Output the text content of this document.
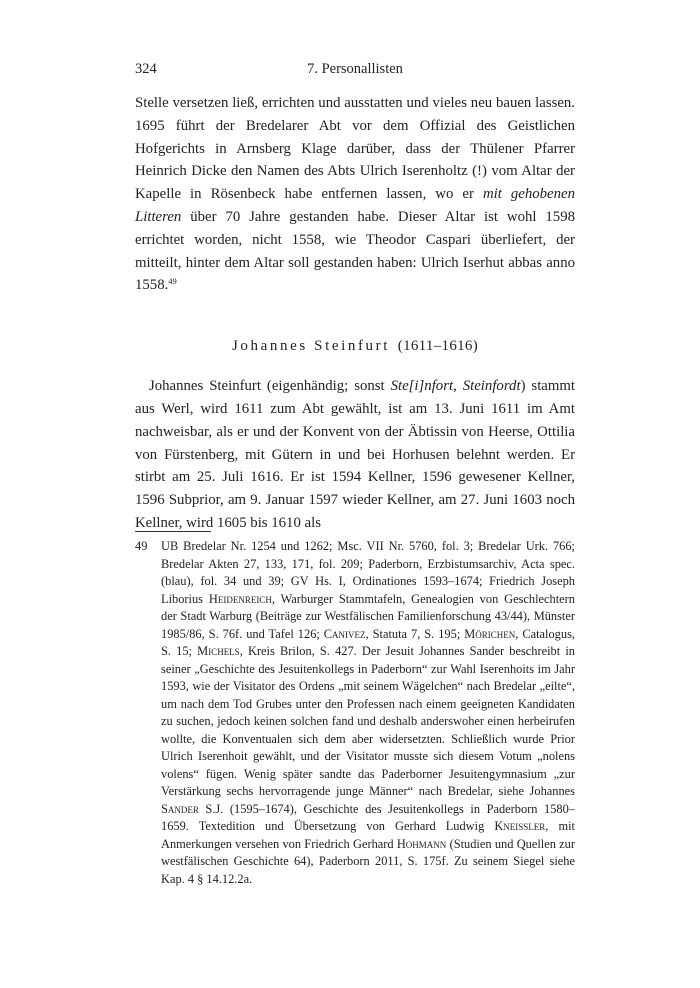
324	7. Personallisten

Stelle versetzen ließ, errichten und ausstatten und vieles neu bauen lassen. 1695 führt der Bredelarer Abt vor dem Offizial des Geistlichen Hofgerichts in Arnsberg Klage darüber, dass der Thülener Pfarrer Heinrich Dicke den Namen des Abts Ulrich Iserenholtz (!) vom Altar der Kapelle in Rösenbeck habe entfernen lassen, wo er mit gehobenen Litteren über 70 Jahre gestanden habe. Dieser Altar ist wohl 1598 errichtet worden, nicht 1558, wie Theodor Caspari überliefert, der mitteilt, hinter dem Altar soll gestanden haben: Ulrich Iserhut abbas anno 1558.49

Johannes Steinfurt (1611–1616)

Johannes Steinfurt (eigenhändig; sonst Ste[i]nfort, Steinfordt) stammt aus Werl, wird 1611 zum Abt gewählt, ist am 13. Juni 1611 im Amt nachweisbar, als er und der Konvent von der Äbtissin von Heerse, Ottilia von Fürstenberg, mit Gütern in und bei Horhusen belehnt werden. Er stirbt am 25. Juli 1616. Er ist 1594 Kellner, 1596 gewesener Kellner, 1596 Subprior, am 9. Januar 1597 wieder Kellner, am 27. Juni 1603 noch Kellner, wird 1605 bis 1610 als

49 UB Bredelar Nr. 1254 und 1262; Msc. VII Nr. 5760, fol. 3; Bredelar Urk. 766; Bredelar Akten 27, 133, 171, fol. 209; Paderborn, Erzbistumsarchiv, Acta spec. (blau), fol. 34 und 39; GV Hs. I, Ordinationes 1593–1674; Friedrich Joseph Liborius Heidenreich, Warburger Stammtafeln, Genealogien von Geschlechtern der Stadt Warburg (Beiträge zur Westfälischen Familienforschung 43/44), Münster 1985/86, S. 76f. und Tafel 126; Canivez, Statuta 7, S. 195; Mörichen, Catalogus, S. 15; Michels, Kreis Brilon, S. 427. Der Jesuit Johannes Sander beschreibt in seiner „Geschichte des Jesuitenkollegs in Paderborn“ zur Wahl Iserenhoits im Jahr 1593, wie der Visitator des Ordens „mit seinem Wägelchen“ nach Bredelar „eilte“, um nach dem Tod Grubes unter den Professen nach einem geeigneten Kandidaten zu suchen, jedoch keinen solchen fand und deshalb anderswoher einen herbeirufen wollte, die Konventualen sich dem aber widersetzten. Schließlich wurde Prior Ulrich Iserenhoit gewählt, und der Visitator musste sich diesem Votum „nolens volens“ fügen. Wenig später sandte das Paderborner Jesuitengymnasium „zur Verstärkung sechs hervorragende junge Männer“ nach Bredelar, siehe Johannes Sander S.J. (1595–1674), Geschichte des Jesuitenkollegs in Paderborn 1580–1659. Textedition und Übersetzung von Gerhard Ludwig Kneissler, mit Anmerkungen versehen von Friedrich Gerhard Hohmann (Studien und Quellen zur westfälischen Geschichte 64), Paderborn 2011, S. 175f. Zu seinem Siegel siehe Kap. 4 § 14.12.2a.
